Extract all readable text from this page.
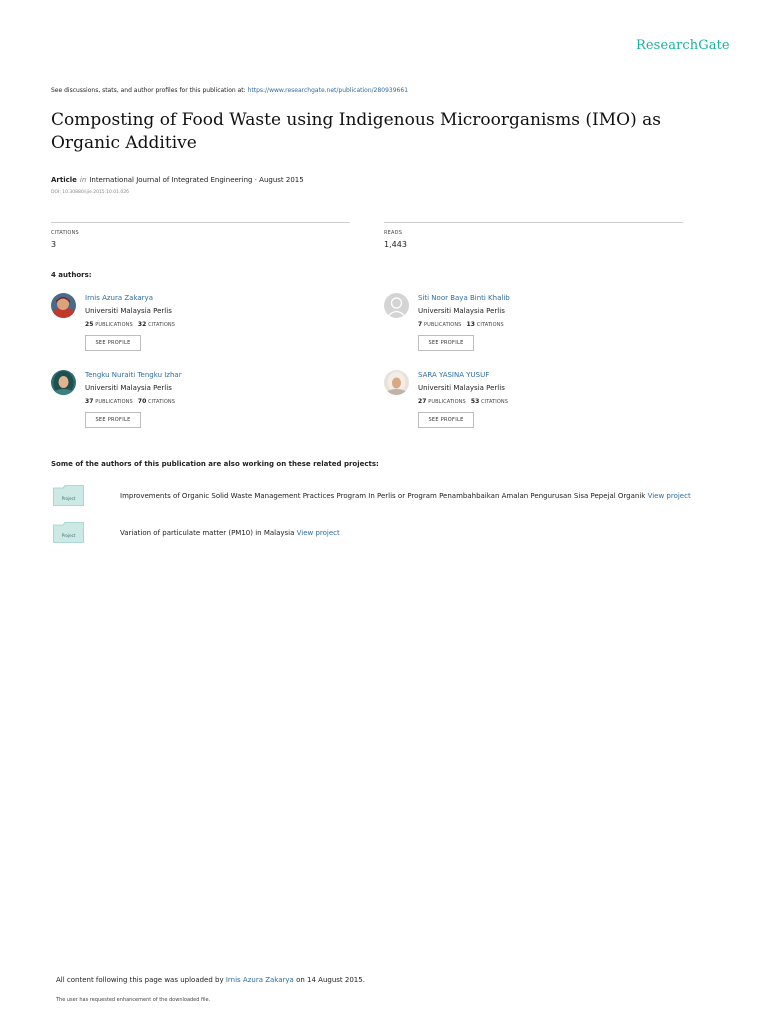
ResearchGate
See discussions, stats, and author profiles for this publication at: https://www.researchgate.net/publication/280939661
Composting of Food Waste using Indigenous Microorganisms (IMO) as Organic Additive
Article in International Journal of Integrated Engineering · August 2015
DOI: 10.30880/ijie.2015.10.01.026
CITATIONS
3
READS
1,443
4 authors:
Irnis Azura Zakarya
Universiti Malaysia Perlis
25 PUBLICATIONS 32 CITATIONS
SEE PROFILE
Siti Noor Baya Binti Khalib
Universiti Malaysia Perlis
7 PUBLICATIONS 13 CITATIONS
SEE PROFILE
Tengku Nuraiti Tengku Izhar
Universiti Malaysia Perlis
37 PUBLICATIONS 70 CITATIONS
SEE PROFILE
SARA YASINA YUSUF
Universiti Malaysia Perlis
27 PUBLICATIONS 53 CITATIONS
SEE PROFILE
Some of the authors of this publication are also working on these related projects:
Project	Improvements of Organic Solid Waste Management Practices Program In Perlis or Program Penambahbaikan Amalan Pengurusan Sisa Pepejal Organik View project
Project	Variation of particulate matter (PM10) in Malaysia View project
All content following this page was uploaded by Irnis Azura Zakarya on 14 August 2015.
The user has requested enhancement of the downloaded file.
